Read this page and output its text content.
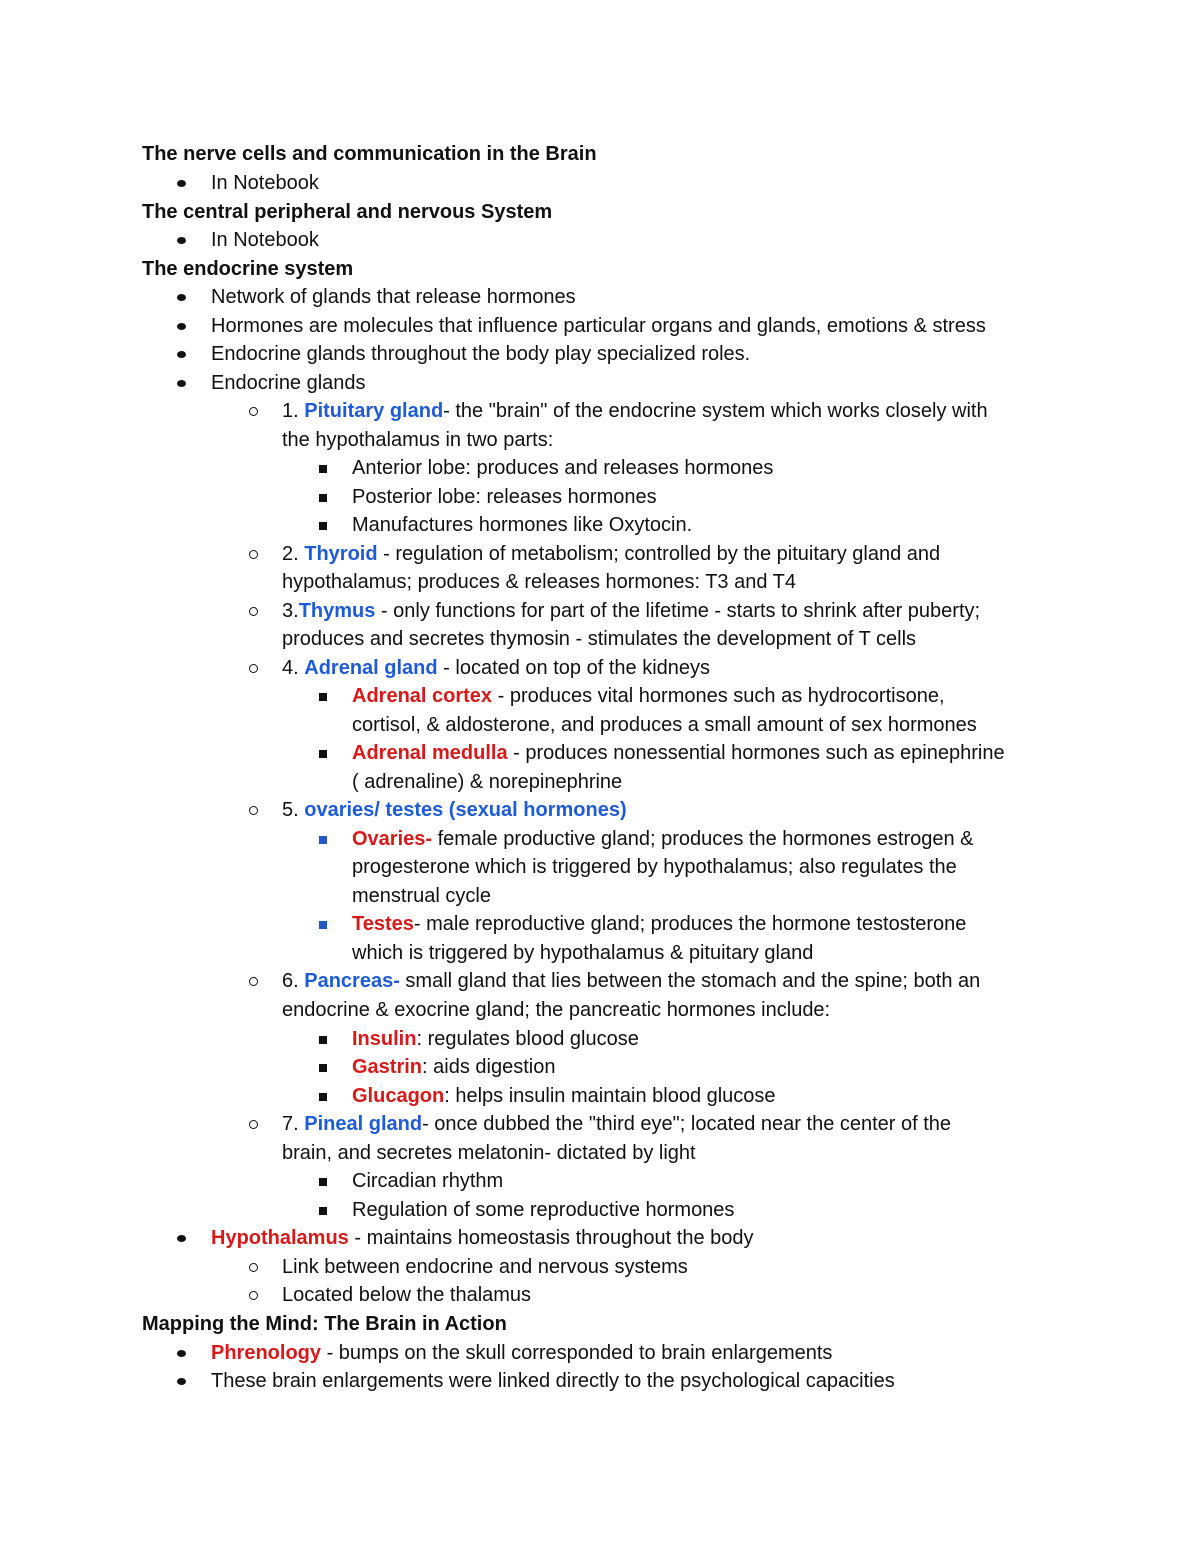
The nerve cells and communication in the Brain
In Notebook
The central peripheral and nervous System
In Notebook
The endocrine system
Network of glands that release hormones
Hormones are molecules that influence particular organs and glands, emotions & stress
Endocrine glands throughout the body play specialized roles.
Endocrine glands
1. Pituitary gland- the "brain" of the endocrine system which works closely with
the hypothalamus in two parts:
Anterior lobe: produces and releases hormones
Posterior lobe: releases hormones
Manufactures hormones like Oxytocin.
2. Thyroid - regulation of metabolism; controlled by the pituitary gland and
hypothalamus; produces & releases hormones: T3 and T4
3.Thymus - only functions for part of the lifetime - starts to shrink after puberty;
produces and secretes thymosin - stimulates the development of T cells
4. Adrenal gland - located on top of the kidneys
Adrenal cortex - produces vital hormones such as hydrocortisone,
cortisol, & aldosterone, and produces a small amount of sex hormones
Adrenal medulla - produces nonessential hormones such as epinephrine
( adrenaline) & norepinephrine
5. ovaries/ testes (sexual hormones)
Ovaries- female productive gland; produces the hormones estrogen &
progesterone which is triggered by hypothalamus; also regulates the
menstrual cycle
Testes- male reproductive gland; produces the hormone testosterone
which is triggered by hypothalamus & pituitary gland
6. Pancreas- small gland that lies between the stomach and the spine; both an
endocrine & exocrine gland; the pancreatic hormones include:
Insulin: regulates blood glucose
Gastrin: aids digestion
Glucagon: helps insulin maintain blood glucose
7. Pineal gland- once dubbed the "third eye"; located near the center of the
brain, and secretes melatonin- dictated by light
Circadian rhythm
Regulation of some reproductive hormones
Hypothalamus - maintains homeostasis throughout the body
Link between endocrine and nervous systems
Located below the thalamus
Mapping the Mind: The Brain in Action
Phrenology - bumps on the skull corresponded to brain enlargements
These brain enlargements were linked directly to the psychological capacities
